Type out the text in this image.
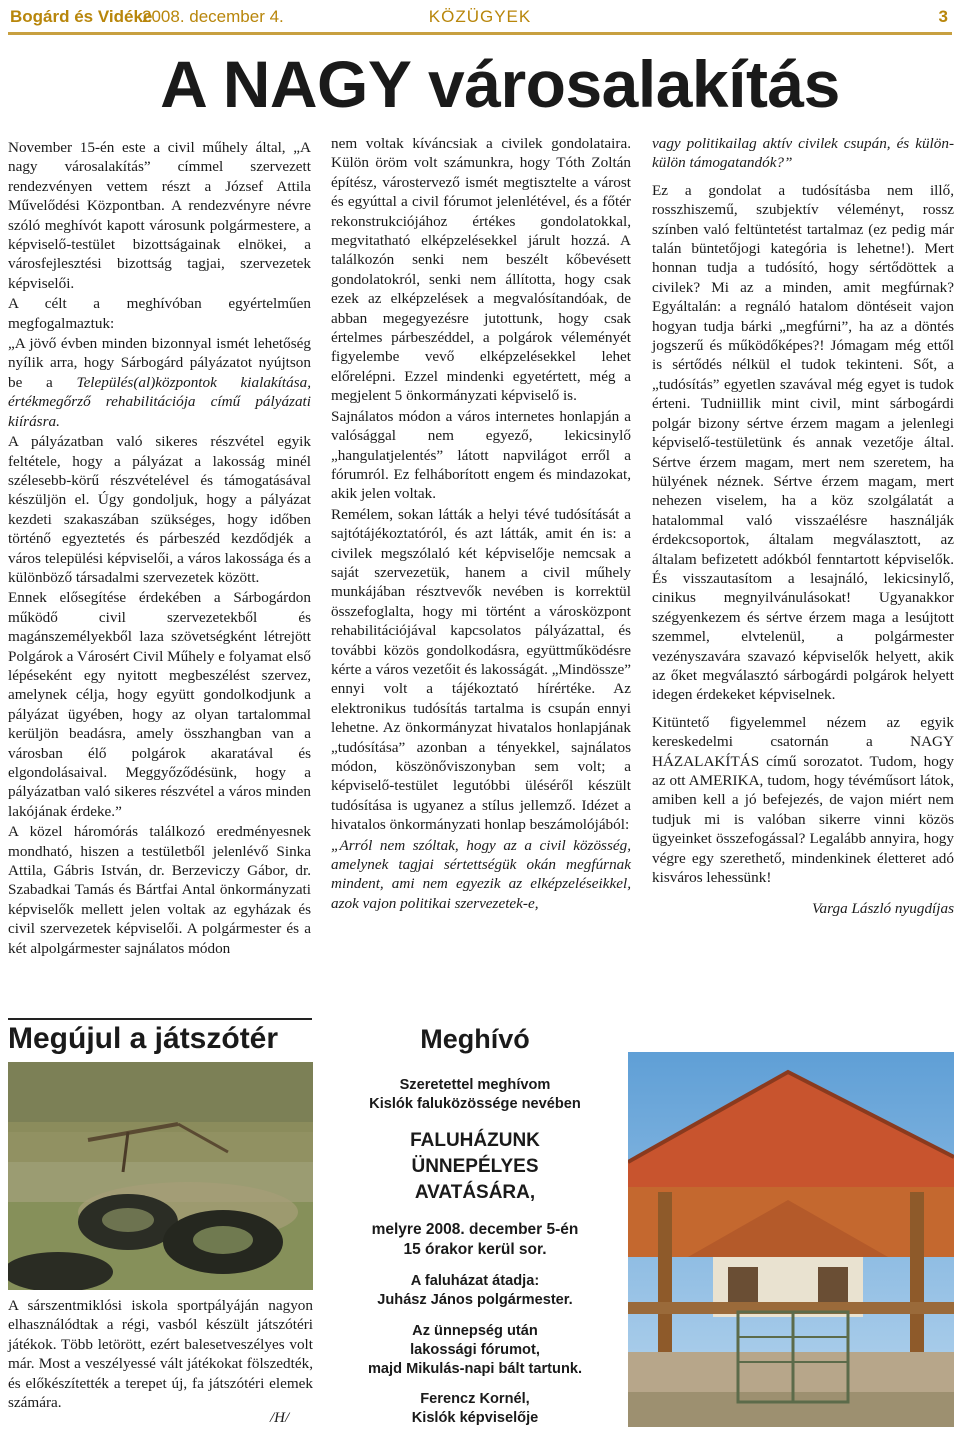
Bogárd és Vidéke
2008. december 4.	KÖZÜGYEK	3
A NAGY városalakítás

November 15-én este a civil műhely által, „A nagy városalakítás” címmel szervezett rendezvényen vettem részt a József Attila Művelődési Központban. A rendezvényre névre szóló meghívót kapott városunk polgármestere, a képviselő-testület bizottságainak elnökei, a városfejlesztési bizottság tagjai, szervezetek képviselői.

A célt a meghívóban egyértelműen megfogalmaztuk:

„A jövő évben minden bizonnyal ismét lehetőség nyílik arra, hogy Sárbogárd pályázatot nyújtson be a Település(al)központok kialakítása, értékmegőrző rehabilitációja című pályázati kiírásra.

A pályázatban való sikeres részvétel egyik feltétele, hogy a pályázat a lakosság minél szélesebb-körű részvételével és támogatásával készüljön el. Úgy gondoljuk, hogy a pályázat kezdeti szakaszában szükséges, hogy időben történő egyeztetés és párbeszéd kezdődjék a város települési képviselői, a város lakossága és a különböző társadalmi szervezetek között.

Ennek elősegítése érdekében a Sárbogárdon működő civil szervezetekből és magánszemélyekből laza szövetségként létrejött Polgárok a Városért Civil Műhely e folyamat első lépéseként egy nyitott megbeszélést szervez, amelynek célja, hogy együtt gondolkodjunk a pályázat ügyében, hogy az olyan tartalommal kerüljön beadásra, amely összhangban van a városban élő polgárok akaratával és elgondolásaival. Meggyőződésünk, hogy a pályázatban való sikeres részvétel a város minden lakójának érdeke.”

A közel háromórás találkozó eredményesnek mondható, hiszen a testületből jelenlévő Sinka Attila, Gábris István, dr. Berzeviczy Gábor, dr. Szabadkai Tamás és Bártfai Antal önkormányzati képviselők mellett jelen voltak az egyházak és civil szervezetek képviselői. A polgármester és a két alpolgármester sajnálatos módon

nem voltak kíváncsiak a civilek gondolataira. Külön öröm volt számunkra, hogy Tóth Zoltán építész, várostervező ismét megtisztelte a várost és egyúttal a civil fórumot jelenlétével, és a főtér rekonstrukciójához értékes gondolatokkal, megvitatható elképzelésekkel járult hozzá. A találkozón senki nem beszélt kőbevésett gondolatokról, senki nem állította, hogy csak ezek az elképzelések a megvalósítandóak, de abban megegyezésre jutottunk, hogy csak értelmes párbeszéddel, a polgárok véleményét figyelembe vevő elképzelésekkel lehet előrelépni. Ezzel mindenki egyetértett, még a megjelent 5 önkormányzati képviselő is.

Sajnálatos módon a város internetes honlapján a valósággal nem egyező, lekicsinylő „hangulatjelentés” látott napvilágot erről a fórumról. Ez felháborított engem és mindazokat, akik jelen voltak.

Remélem, sokan látták a helyi tévé tudósítását a sajtótájékoztatóról, és azt látták, amit én is: a civilek megszólaló két képviselője nemcsak a saját szervezetük, hanem a civil műhely munkájában résztvevők nevében is korrektül összefoglalta, hogy mi történt a városközpont rehabilitációjával kapcsolatos pályázattal, és további közös gondolkodásra, együttműködésre kérte a város vezetőit és lakosságát. „Mindössze” ennyi volt a tájékoztató hírértéke. Az elektronikus tudósítás tartalma is csupán ennyi lehetne. Az önkormányzat hivatalos honlapjának „tudósítása” azonban a tényekkel, sajnálatos módon, köszönőviszonyban sem volt; a képviselő-testület legutóbbi üléséről készült tudósítása is ugyanez a stílus jellemző. Idézet a hivatalos önkormányzati honlap beszámolójából:

„Arról nem szóltak, hogy az a civil közösség, amelynek tagjai sértettségük okán megfúrnak mindent, ami nem egyezik az elképzeléseikkel, azok vajon politikai szervezetek-e,

vagy politikailag aktív civilek csupán, és külön-külön támogatandók?”

Ez a gondolat a tudósításba nem illő, rosszhiszemű, szubjektív véleményt, rossz színben való feltüntetést tartalmaz (ez pedig már talán büntetőjogi kategória is lehetne!). Mert honnan tudja a tudósító, hogy sértődöttek a civilek? Mi az a minden, amit megfúrnak? Egyáltalán: a regnáló hatalom döntéseit vajon hogyan tudja bárki „megfúrni”, ha az a döntés jogszerű és működőképes?! Jómagam még ettől is sértődés nélkül el tudok tekinteni. Sőt, a „tudósítás” egyetlen szavával még egyet is tudok érteni. Tudniillik mint civil, mint sárbogárdi polgár bizony sértve érzem magam a jelenlegi képviselő-testületünk és annak vezetője által. Sértve érzem magam, mert nem szeretem, ha hülyének néznek. Sértve érzem magam, mert nehezen viselem, ha a köz szolgálatát a hatalommal való visszaélésre használják érdekcsoportok, általam megválasztott, az általam befizetett adókból fenntartott képviselők. És visszautasítom a lesajnáló, lekicsinylő, cinikus megnyilvánulásokat! Ugyanakkor szégyenkezem és sértve érzem maga a lesújtott szemmel, elvtelenül, a polgármester vezényszavára szavazó képviselők helyett, akik az őket megválasztó sárbogárdi polgárok helyett idegen érdekeket képviselnek.

Kitüntető figyelemmel nézem az egyik kereskedelmi csatornán a NAGY HÁZALAKÍTÁS című sorozatot. Tudom, hogy az ott AMERIKA, tudom, hogy tévéműsort látok, amiben kell a jó befejezés, de vajon miért nem tudjuk mi is valóban sikerre vinni közös ügyeinket összefogással? Legalább annyira, hogy végre egy szerethető, mindenkinek életteret adó kisváros lehessünk!

Varga László nyugdíjas

Megújul a játszótér
A sárszentmiklósi iskola sportpályáján nagyon elhasználódtak a régi, vasból készült játszótéri játékok. Több letörött, ezért balesetveszélyes volt már. Most a veszélyessé vált játékokat fölszedték, és előkészítették a terepet új, fa játszótéri elemek számára.
/H/
Meghívó
Szeretettel meghívom
Kislók faluközössége nevében
FALUHÁZUNK
ÜNNEPÉLYES
AVATÁSÁRA,
melyre 2008. december 5-én
15 órakor kerül sor.
A faluházat átadja:
Juhász János polgármester.
Az ünnepség után
lakossági fórumot,
majd Mikulás-napi bált tartunk.
Ferencz Kornél,
Kislók képviselője
